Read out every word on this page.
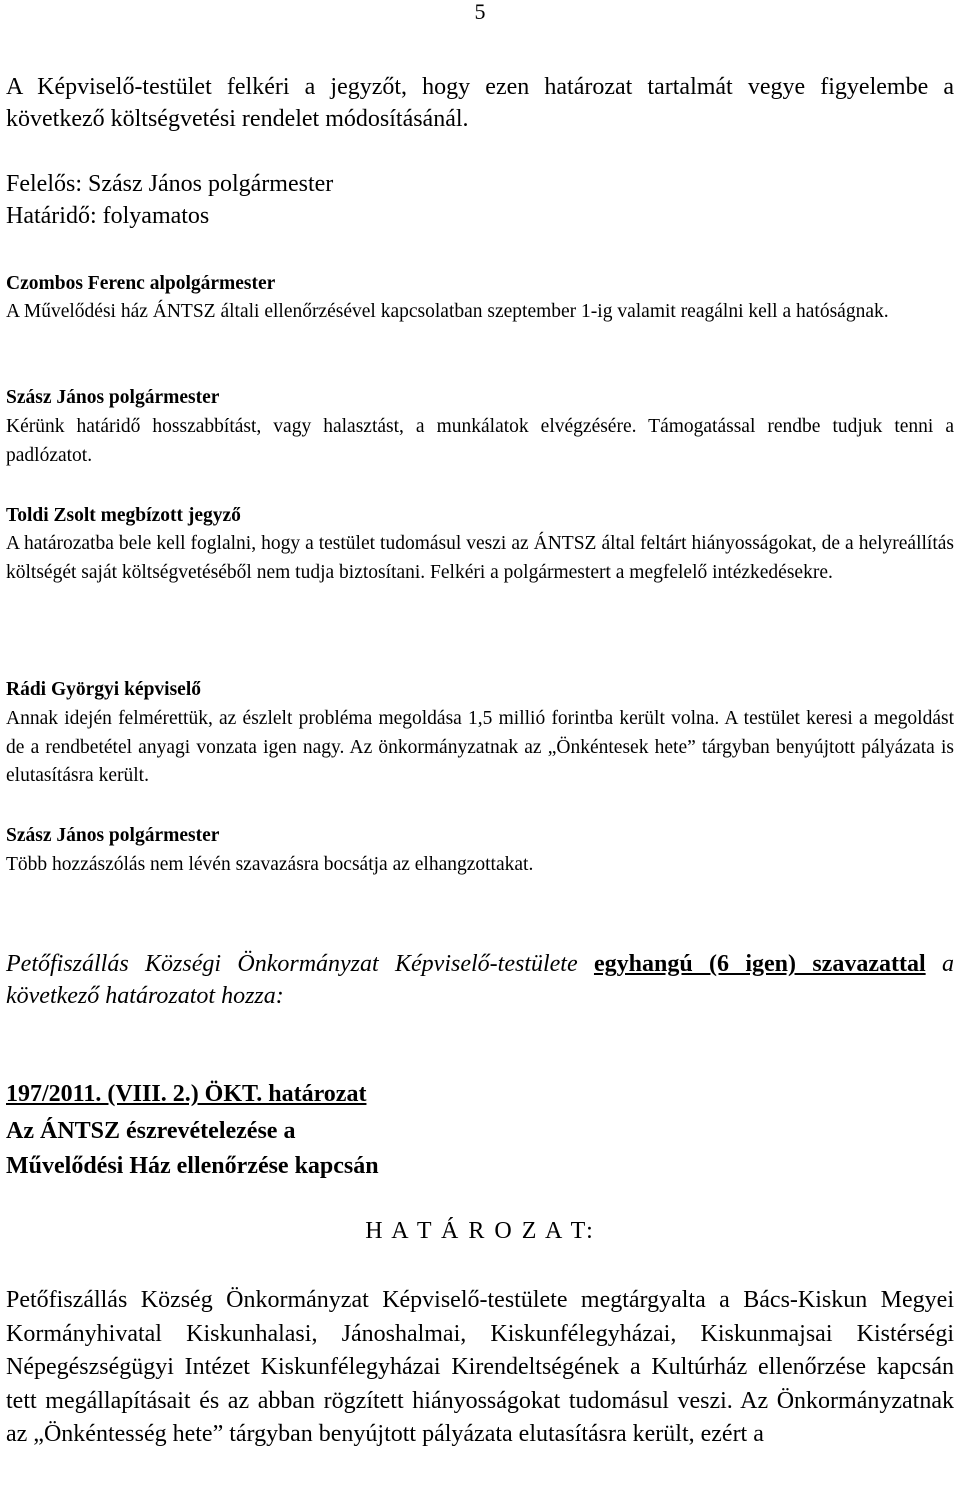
5

A Képviselő-testület felkéri a jegyzőt, hogy ezen határozat tartalmát vegye figyelembe a következő költségvetési rendelet módosításánál.

Felelős: Szász János polgármester

Határidő: folyamatos

Czombos Ferenc alpolgármester

A Művelődési ház ÁNTSZ általi ellenőrzésével kapcsolatban szeptember 1-ig valamit reagálni kell a hatóságnak.

Szász János polgármester

Kérünk határidő hosszabbítást, vagy halasztást, a munkálatok elvégzésére. Támogatással rendbe tudjuk tenni a padlózatot.

Toldi Zsolt megbízott jegyző

A határozatba bele kell foglalni, hogy a testület tudomásul veszi az ÁNTSZ által feltárt hiányosságokat, de a helyreállítás költségét saját költségvetéséből nem tudja biztosítani. Felkéri a polgármestert a megfelelő intézkedésekre.

Rádi Györgyi képviselő

Annak idején felmérettük, az észlelt probléma megoldása 1,5 millió forintba került volna. A testület keresi a megoldást de a rendbetétel anyagi vonzata igen nagy. Az önkormányzatnak az „Önkéntesek hete” tárgyban benyújtott pályázata is elutasításra került.

Szász János polgármester

Több hozzászólás nem lévén szavazásra bocsátja az elhangzottakat.

Petőfiszállás Községi Önkormányzat Képviselő-testülete egyhangú (6 igen) szavazattal a következő határozatot hozza:

197/2011. (VIII. 2.) ÖKT. határozat

Az ÁNTSZ észrevételezése a

Művelődési Ház ellenőrzése kapcsán

H A T Á R O Z A T:

Petőfiszállás Község Önkormányzat Képviselő-testülete megtárgyalta a Bács-Kiskun Megyei Kormányhivatal Kiskunhalasi, Jánoshalmai, Kiskunfélegyházai, Kiskunmajsai Kistérségi Népegészségügyi Intézet Kiskunfélegyházai Kirendeltségének a Kultúrház ellenőrzése kapcsán tett megállapításait és az abban rögzített hiányosságokat tudomásul veszi. Az Önkormányzatnak az „Önkéntesség hete” tárgyban benyújtott pályázata elutasításra került, ezért a
